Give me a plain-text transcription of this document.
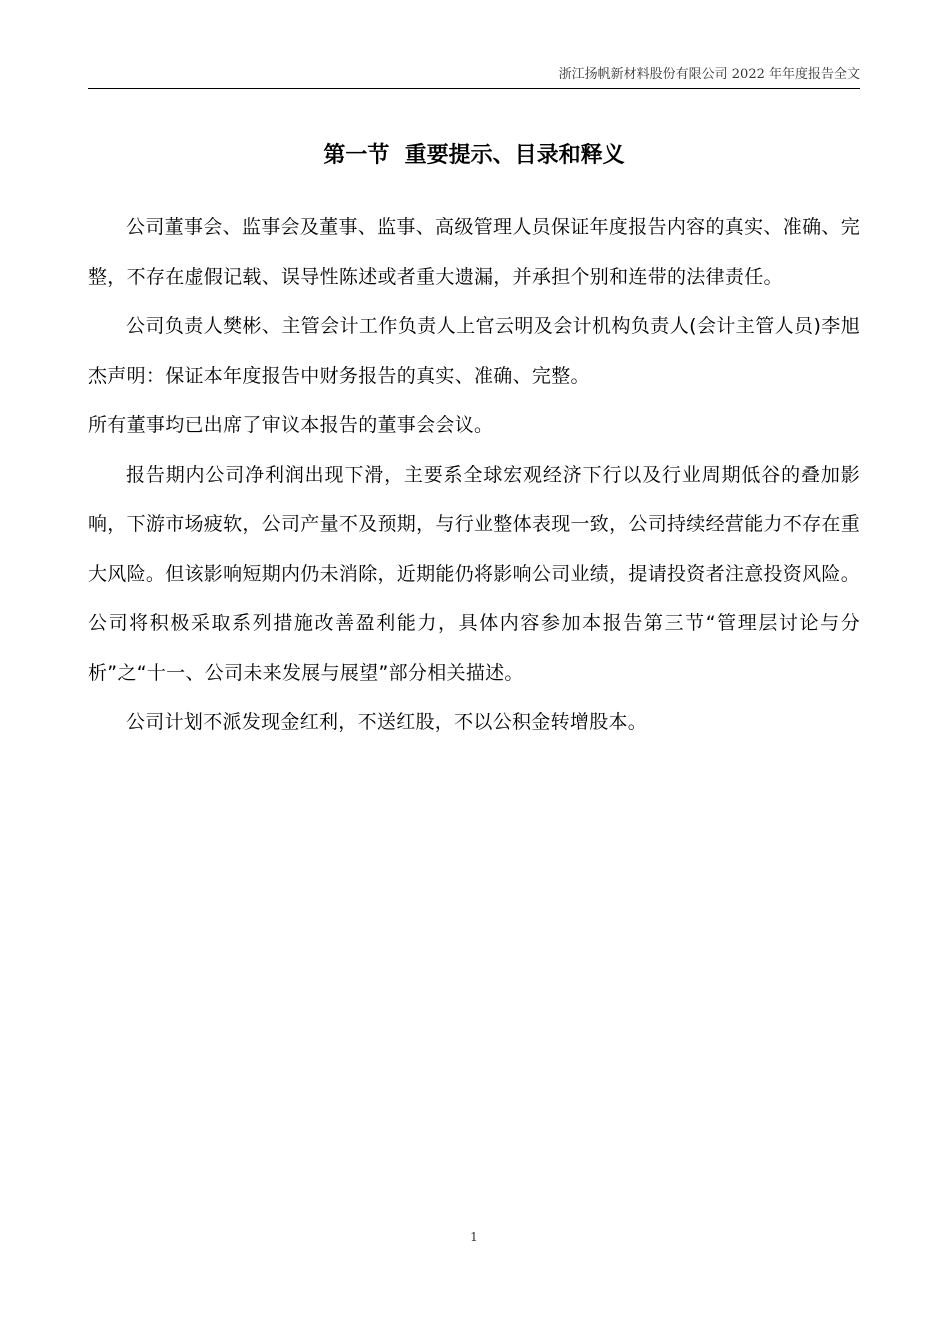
浙江扬帆新材料股份有限公司 2022 年年度报告全文
第一节  重要提示、目录和释义

公司董事会、监事会及董事、监事、高级管理人员保证年度报告内容的真实、准确、完整，不存在虚假记载、误导性陈述或者重大遗漏，并承担个别和连带的法律责任。

公司负责人樊彬、主管会计工作负责人上官云明及会计机构负责人(会计主管人员)李旭杰声明：保证本年度报告中财务报告的真实、准确、完整。

所有董事均已出席了审议本报告的董事会会议。

报告期内公司净利润出现下滑，主要系全球宏观经济下行以及行业周期低谷的叠加影响，下游市场疲软，公司产量不及预期，与行业整体表现一致，公司持续经营能力不存在重大风险。但该影响短期内仍未消除，近期能仍将影响公司业绩，提请投资者注意投资风险。公司将积极采取系列措施改善盈利能力，具体内容参加本报告第三节“管理层讨论与分析”之“十一、公司未来发展与展望”部分相关描述。

公司计划不派发现金红利，不送红股，不以公积金转增股本。

1
